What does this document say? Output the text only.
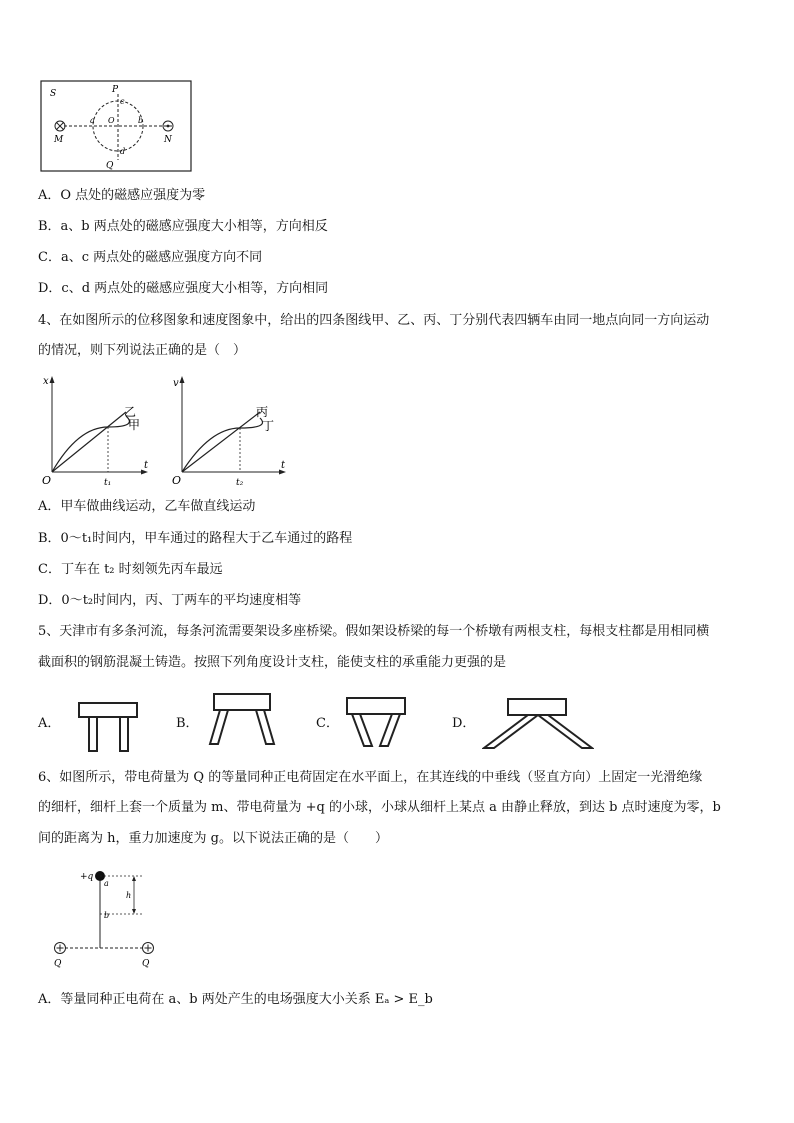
S	P
c
a O	b
d
M	N
Q
A．O 点处的磁感应强度为零
B．a、b 两点处的磁感应强度大小相等，方向相反
C．a、c 两点处的磁感应强度方向不同
D．c、d 两点处的磁感应强度大小相等，方向相同
4、在如图所示的位移图象和速度图象中，给出的四条图线甲、乙、丙、丁分别代表四辆车由同一地点向同一方向运动
的情况，则下列说法正确的是（　）
x
t
O	t₁
乙
甲
v
t
O	t₂
丙
丁
A．甲车做曲线运动，乙车做直线运动
B．0～t₁时间内，甲车通过的路程大于乙车通过的路程
C．丁车在 t₂ 时刻领先丙车最远
D．0～t₂时间内，丙、丁两车的平均速度相等
5、天津市有多条河流，每条河流需要架设多座桥梁。假如架设桥梁的每一个桥墩有两根支柱，每根支柱都是用相同横
截面积的钢筋混凝土铸造。按照下列角度设计支柱，能使支柱的承重能力更强的是
A．	B．	C．	D．
6、如图所示，带电荷量为 Q 的等量同种正电荷固定在水平面上，在其连线的中垂线（竖直方向）上固定一光滑绝缘
的细杆，细杆上套一个质量为 m、带电荷量为 +q 的小球，小球从细杆上某点 a 由静止释放，到达 b 点时速度为零，b
间的距离为 h，重力加速度为 g。以下说法正确的是（　　）
+q
a
b
h
Q	Q
A．等量同种正电荷在 a、b 两处产生的电场强度大小关系 Eₐ > E_b
